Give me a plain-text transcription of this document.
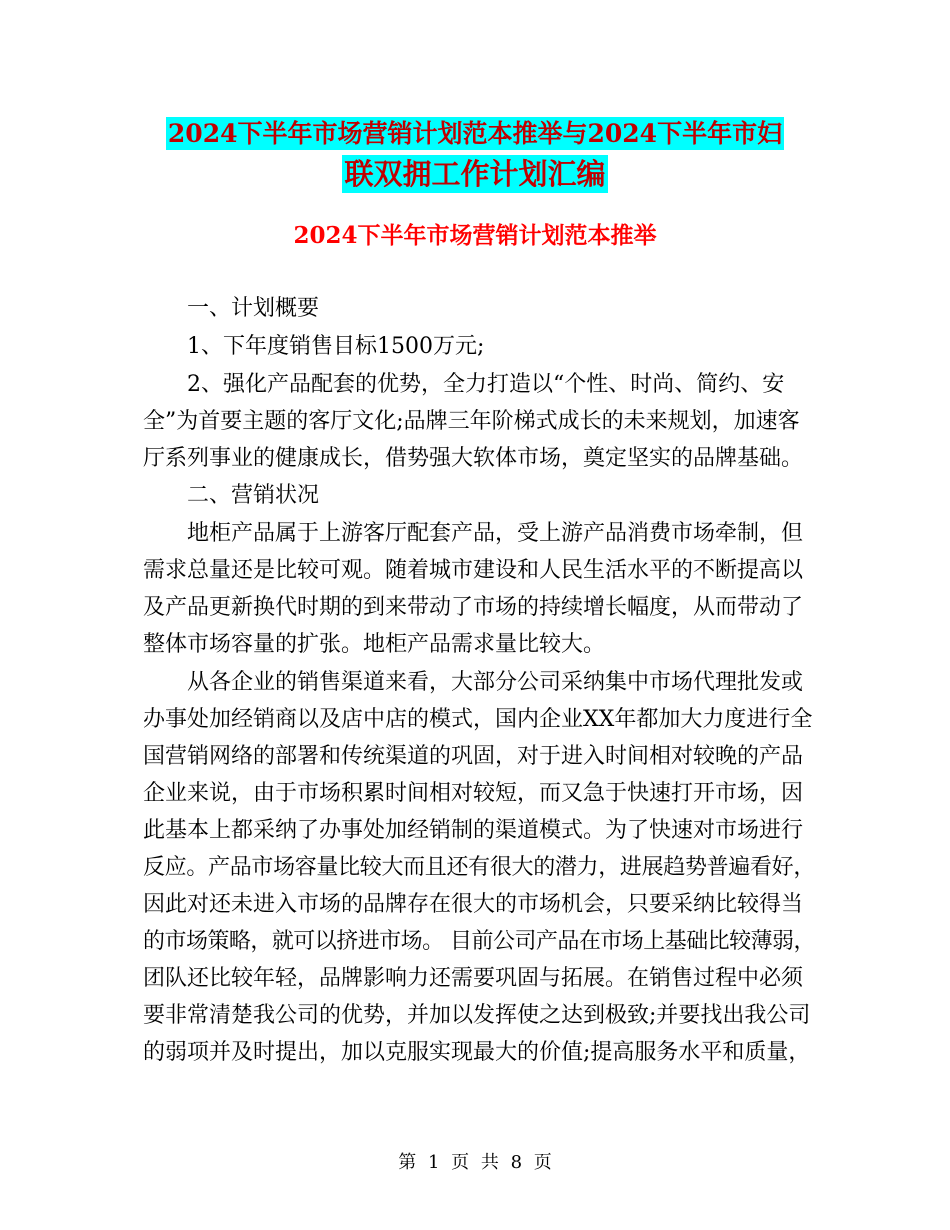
2024下半年市场营销计划范本推举与2024下半年市妇
联双拥工作计划汇编
2024下半年市场营销计划范本推举
一、计划概要
1、下年度销售目标1500万元;
2、强化产品配套的优势，全力打造以“个性、时尚、简约、安
全”为首要主题的客厅文化;品牌三年阶梯式成长的未来规划，加速客
厅系列事业的健康成长，借势强大软体市场，奠定坚实的品牌基础。
二、营销状况
地柜产品属于上游客厅配套产品，受上游产品消费市场牵制，但
需求总量还是比较可观。随着城市建设和人民生活水平的不断提高以
及产品更新换代时期的到来带动了市场的持续增长幅度，从而带动了
整体市场容量的扩张。地柜产品需求量比较大。
从各企业的销售渠道来看，大部分公司采纳集中市场代理批发或
办事处加经销商以及店中店的模式，国内企业XX年都加大力度进行全
国营销网络的部署和传统渠道的巩固，对于进入时间相对较晚的产品
企业来说，由于市场积累时间相对较短，而又急于快速打开市场，因
此基本上都采纳了办事处加经销制的渠道模式。为了快速对市场进行
反应。产品市场容量比较大而且还有很大的潜力，进展趋势普遍看好，
因此对还未进入市场的品牌存在很大的市场机会，只要采纳比较得当
的市场策略，就可以挤进市场。 目前公司产品在市场上基础比较薄弱，
团队还比较年轻，品牌影响力还需要巩固与拓展。在销售过程中必须
要非常清楚我公司的优势，并加以发挥使之达到极致;并要找出我公司
的弱项并及时提出，加以克服实现最大的价值;提高服务水平和质量，
第 1 页 共 8 页
